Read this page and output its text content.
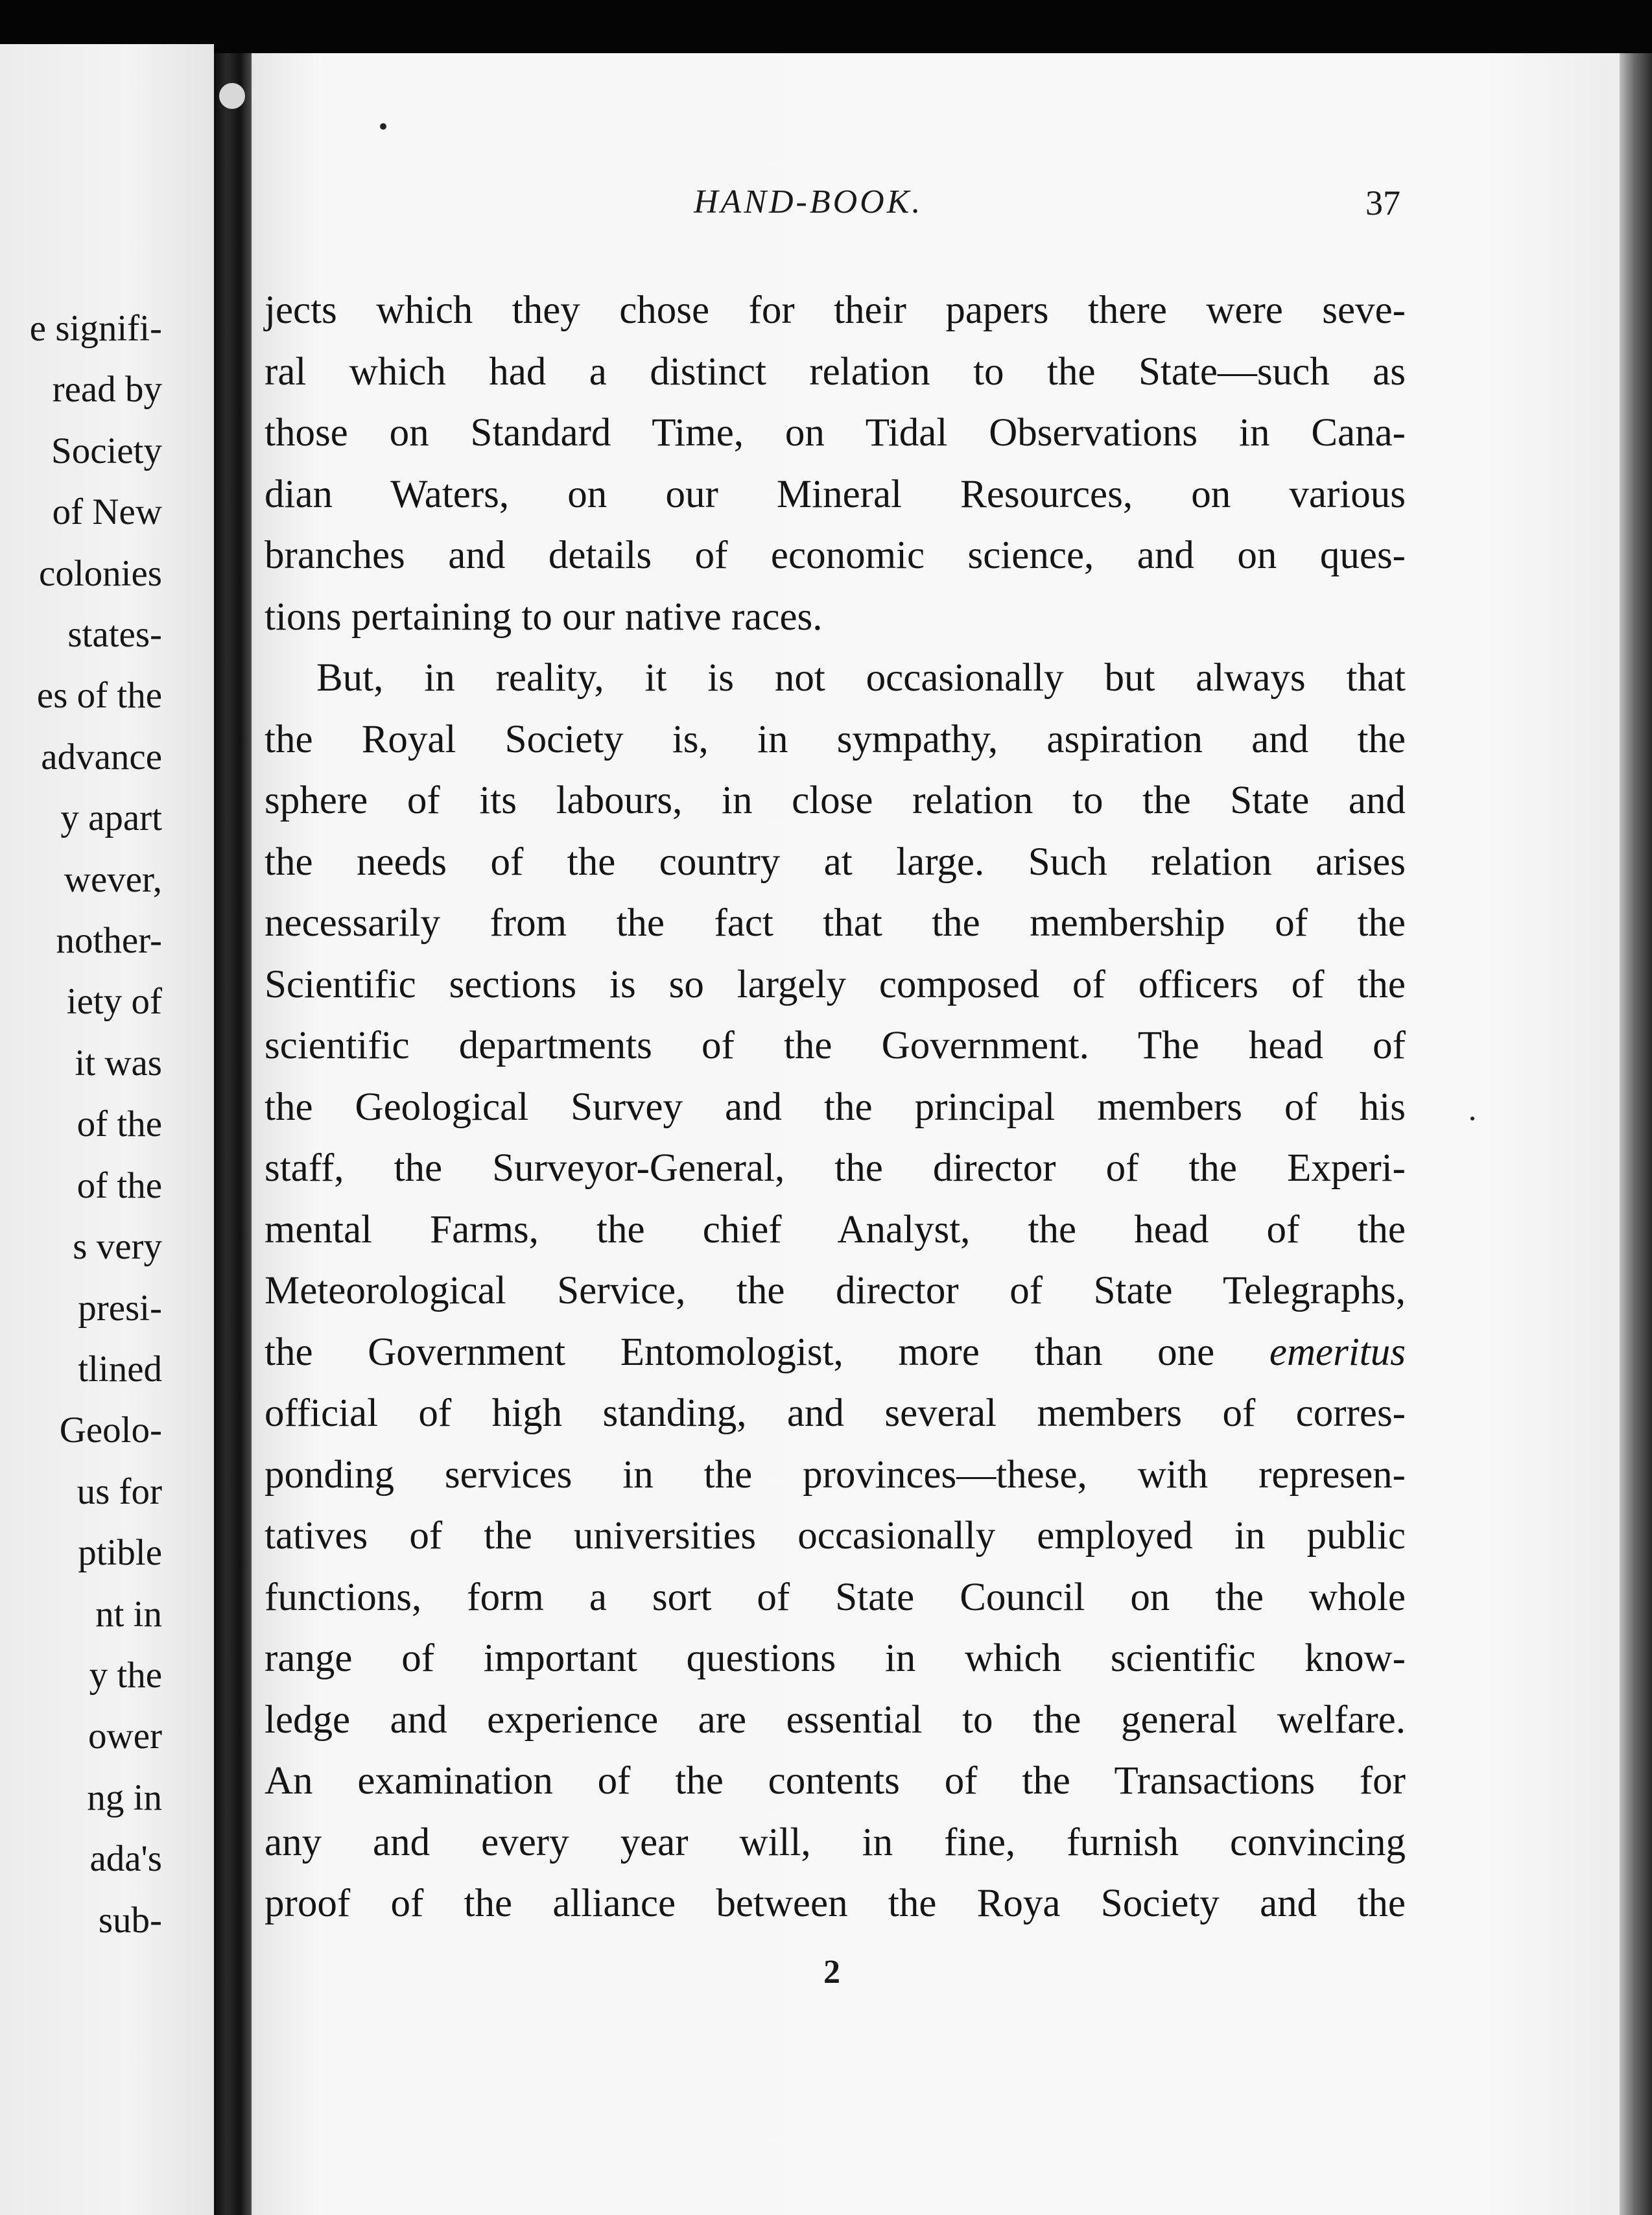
e signifi-
read by
Society
of New
colonies
states-
es of the
advance
y apart
wever,
nother-
iety of
it was
of the
of the
s very
presi-
tlined
Geolo-
us for
ptible
nt in
y the
ower
ng in
ada's
sub-
HAND-BOOK.	37
jects which they chose for their papers there were seve-
ral which had a distinct relation to the State—such as
those on Standard Time, on Tidal Observations in Cana-
dian Waters, on our Mineral Resources, on various
branches and details of economic science, and on ques-
tions pertaining to our native races.
But, in reality, it is not occasionally but always that
the Royal Society is, in sympathy, aspiration and the
sphere of its labours, in close relation to the State and
the needs of the country at large. Such relation arises
necessarily from the fact that the membership of the
Scientific sections is so largely composed of officers of the
scientific departments of the Government. The head of
the Geological Survey and the principal members of his
staff, the Surveyor-General, the director of the Experi-
mental Farms, the chief Analyst, the head of the
Meteorological Service, the director of State Telegraphs,
the Government Entomologist, more than one emeritus
official of high standing, and several members of corres-
ponding services in the provinces—these, with represen-
tatives of the universities occasionally employed in public
functions, form a sort of State Council on the whole
range of important questions in which scientific know-
ledge and experience are essential to the general welfare.
An examination of the contents of the Transactions for
any and every year will, in fine, furnish convincing
proof of the alliance between the Roya Society and the
2
